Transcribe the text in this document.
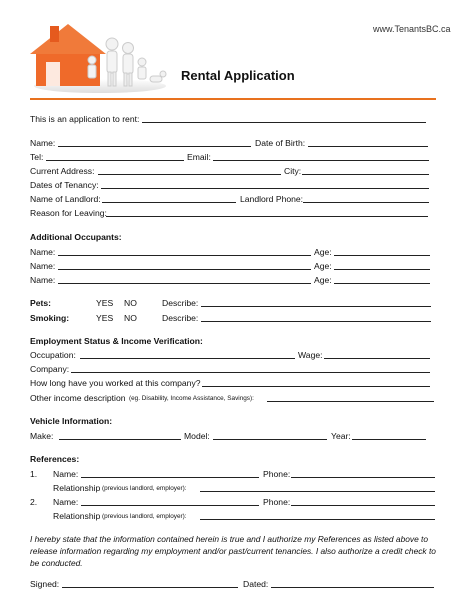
www.TenantsBC.ca
Rental Application
This is an application to rent:
Name:	Date of Birth:
Tel:	Email:
Current Address:	City:
Dates of Tenancy:
Name of Landlord:	Landlord Phone:
Reason for Leaving:
Additional Occupants:
Name:	Age:
Name:	Age:
Name:	Age:
Pets:	YES NO	Describe:
Smoking:	YES NO	Describe:
Employment Status & Income Verification:
Occupation:	Wage:
Company:
How long have you worked at this company?
Other income description (eg. Disability, Income Assistance, Savings):
Vehicle Information:
Make:	Model:	Year:
References:
1. Name:	Phone:
Relationship (previous landlord, employer):
2. Name:	Phone:
Relationship (previous landlord, employer):
I hereby state that the information contained herein is true and I authorize my References as listed above to release information regarding my employment and/or past/current tenancies. I also authorize a credit check to be conducted.
Signed:	Dated:
